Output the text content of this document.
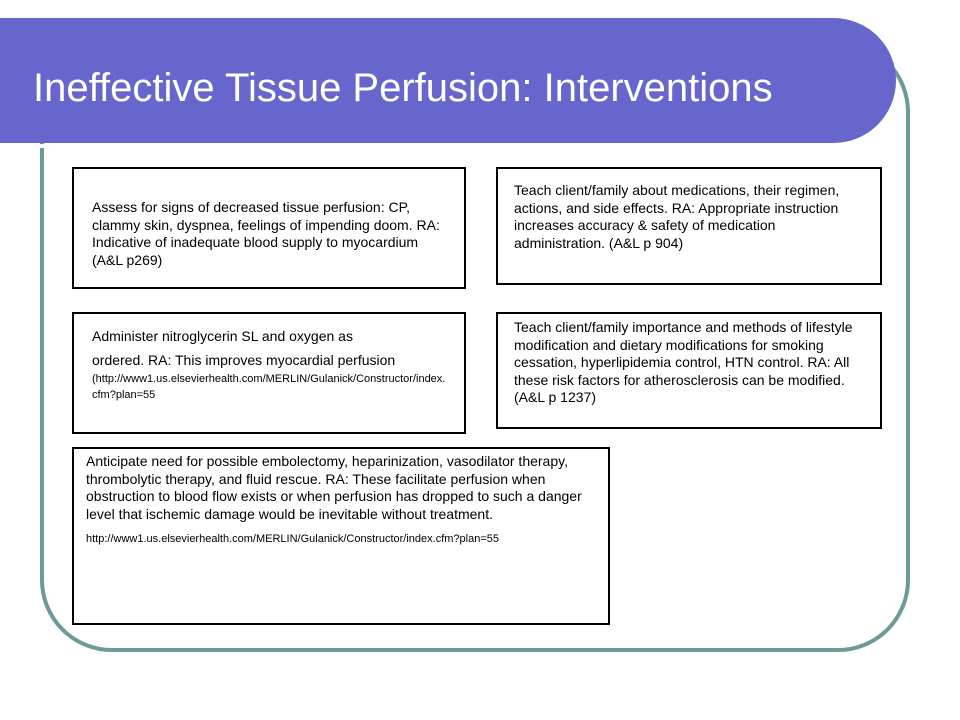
Ineffective Tissue Perfusion: Interventions

Assess for signs of decreased tissue perfusion: CP, clammy skin, dyspnea, feelings of impending doom. RA: Indicative of inadequate blood supply to myocardium (A&L p269)

Teach client/family about medications, their regimen, actions, and side effects. RA: Appropriate instruction increases accuracy & safety of medication administration. (A&L p 904)

Administer nitroglycerin SL and oxygen as

ordered. RA: This improves myocardial perfusion

(http://www1.us.elsevierhealth.com/MERLIN/Gulanick/Constructor/index.cfm?plan=55

Teach client/family importance and methods of lifestyle modification and dietary modifications for smoking cessation, hyperlipidemia control, HTN control. RA: All these risk factors for atherosclerosis can be modified. (A&L p 1237)

Anticipate need for possible embolectomy, heparinization, vasodilator therapy, thrombolytic therapy, and fluid rescue. RA: These facilitate perfusion when obstruction to blood flow exists or when perfusion has dropped to such a danger level that ischemic damage would be inevitable without treatment.

http://www1.us.elsevierhealth.com/MERLIN/Gulanick/Constructor/index.cfm?plan=55
